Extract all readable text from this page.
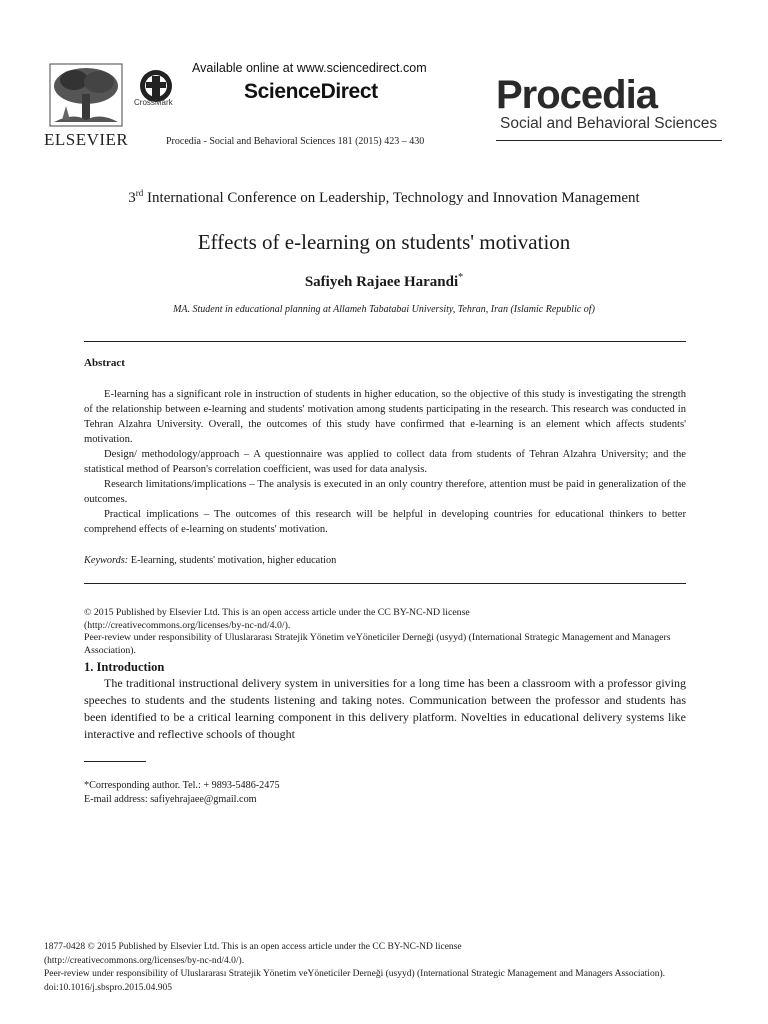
ELSEVIER
CrossMark
Available online at www.sciencedirect.com
ScienceDirect
Procedia - Social and Behavioral Sciences 181 (2015) 423 – 430
Procedia
Social and Behavioral Sciences
3rd International Conference on Leadership, Technology and Innovation Management
Effects of e-learning on students' motivation
Safiyeh Rajaee Harandi*
MA. Student in educational planning at Allameh Tabatabai University, Tehran, Iran (Islamic Republic of)
Abstract

E-learning has a significant role in instruction of students in higher education, so the objective of this study is investigating the strength of the relationship between e-learning and students' motivation among students participating in the research. This research was conducted in Tehran Alzahra University. Overall, the outcomes of this study have confirmed that e-learning is an element which affects students' motivation.

Design/ methodology/approach – A questionnaire was applied to collect data from students of Tehran Alzahra University; and the statistical method of Pearson's correlation coefficient, was used for data analysis.

Research limitations/implications – The analysis is executed in an only country therefore, attention must be paid in generalization of the outcomes.

Practical implications – The outcomes of this research will be helpful in developing countries for educational thinkers to better comprehend effects of e-learning on students' motivation.

Keywords: E-learning, students' motivation, higher education

© 2015 Published by Elsevier Ltd. This is an open access article under the CC BY-NC-ND license

(http://creativecommons.org/licenses/by-nc-nd/4.0/).

Peer-review under responsibility of Uluslararası Stratejik Yönetim veYöneticiler Derneği (usyyd) (International Strategic Management and Managers Association).

1. Introduction

The traditional instructional delivery system in universities for a long time has been a classroom with a professor giving speeches to students and the students listening and taking notes. Communication between the professor and students has been identified to be a critical learning component in this delivery platform. Novelties in educational delivery systems like interactive and reflective schools of thought

*Corresponding author. Tel.: + 9893-5486-2475
E-mail address: safiyehrajaee@gmail.com

1877-0428 © 2015 Published by Elsevier Ltd. This is an open access article under the CC BY-NC-ND license

(http://creativecommons.org/licenses/by-nc-nd/4.0/).

Peer-review under responsibility of Uluslararası Stratejik Yönetim veYöneticiler Derneği (usyyd) (International Strategic Management and Managers Association).

doi:10.1016/j.sbspro.2015.04.905
